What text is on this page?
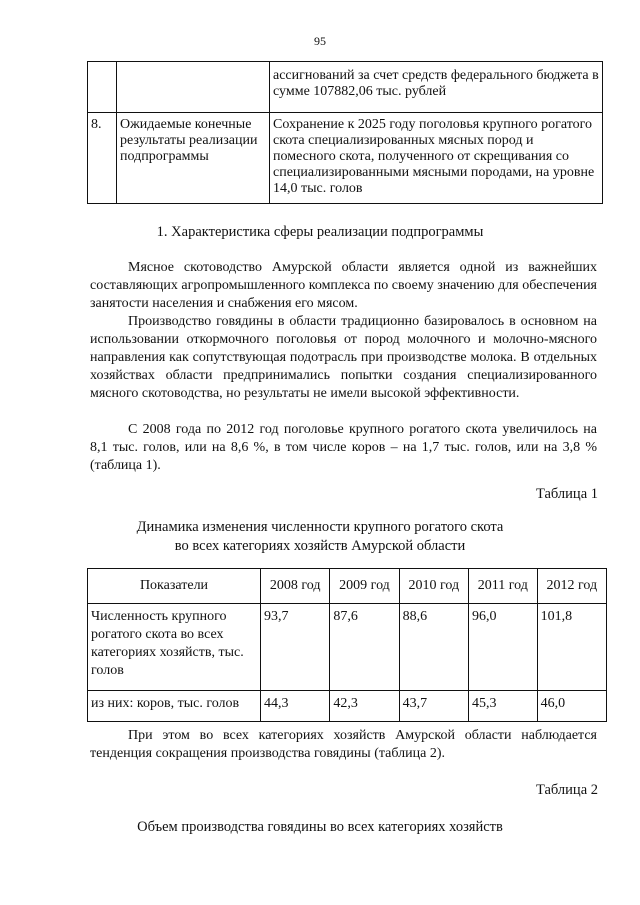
95
		ассигнований за счет средств федерального бюджета в сумме 107882,06 тыс. рублей
8.	Ожидаемые конечные результаты реализации подпрограммы	Сохранение к 2025 году поголовья крупного рогатого скота специализированных мясных пород и помесного скота, полученного от скрещивания со специализированными мясными породами, на уровне 14,0 тыс. голов
1. Характеристика сферы реализации подпрограммы

Мясное скотоводство Амурской области является одной из важнейших составляющих агропромышленного комплекса по своему значению для обеспечения занятости населения и снабжения его мясом.

Производство говядины в области традиционно базировалось в основном на использовании откормочного поголовья от пород молочного и молочно-мясного направления как сопутствующая подотрасль при производстве молока. В отдельных хозяйствах области предпринимались попытки создания специализированного мясного скотоводства, но результаты не имели высокой эффективности.

С 2008 года по 2012 год поголовье крупного рогатого скота увеличилось на 8,1 тыс. голов, или на 8,6 %, в том числе коров – на 1,7 тыс. голов, или на 3,8 % (таблица 1).

Таблица 1
Динамика изменения численности крупного рогатого скота
во всех категориях хозяйств Амурской области
Показатели	2008 год	2009 год	2010 год	2011 год	2012 год
Численность крупного рогатого скота во всех категориях хозяйств, тыс. голов	93,7	87,6	88,6	96,0	101,8
из них: коров, тыс. голов	44,3	42,3	43,7	45,3	46,0

При этом во всех категориях хозяйств Амурской области наблюдается тенденция сокращения производства говядины (таблица 2).

Таблица 2
Объем производства говядины во всех категориях хозяйств
